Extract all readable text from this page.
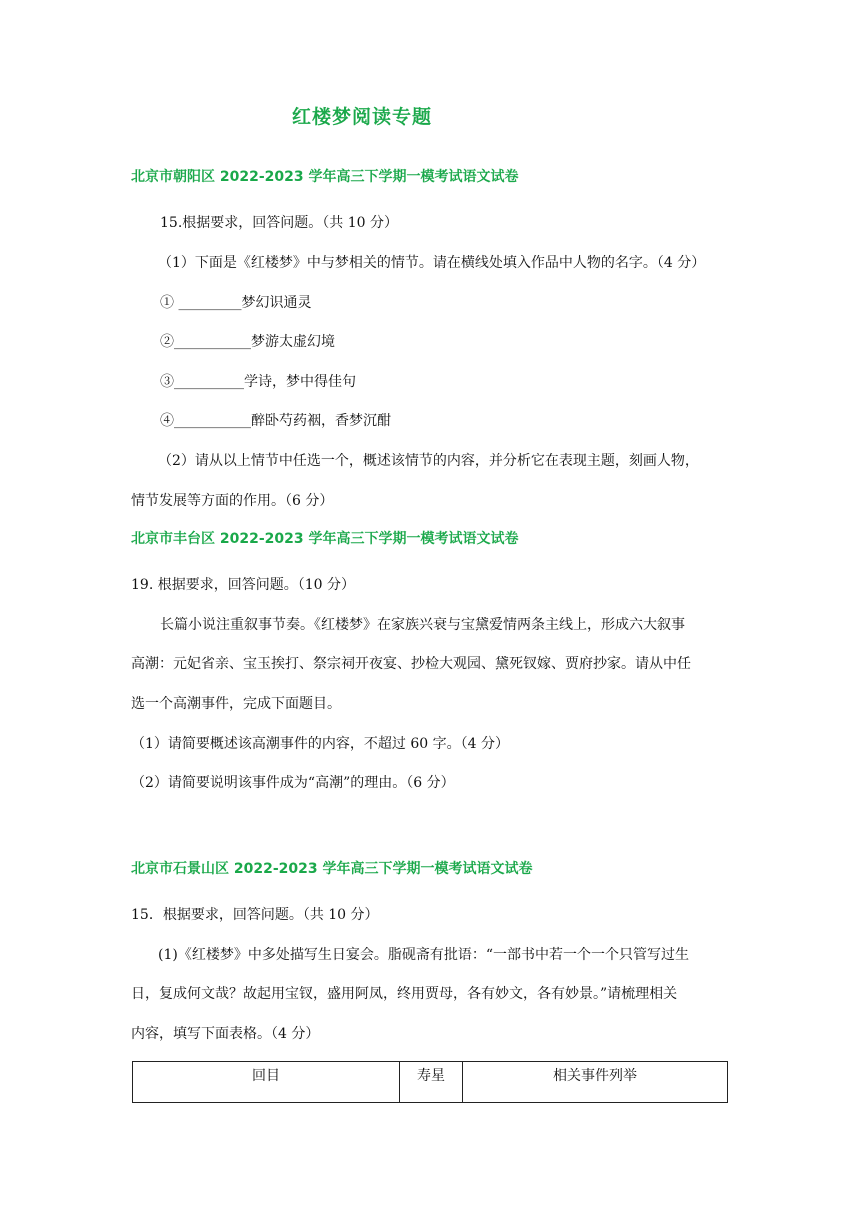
红楼梦阅读专题
北京市朝阳区 2022-2023 学年高三下学期一模考试语文试卷
15.根据要求，回答问题。（共 10 分）
（1）下面是《红楼梦》中与梦相关的情节。请在横线处填入作品中人物的名字。（4 分）
① _________梦幻识通灵
②___________梦游太虚幻境
③__________学诗，梦中得佳句
④___________醉卧芍药裀，香梦沉酣
（2）请从以上情节中任选一个，概述该情节的内容，并分析它在表现主题，刻画人物，
情节发展等方面的作用。（6 分）
北京市丰台区 2022-2023 学年高三下学期一模考试语文试卷
19. 根据要求，回答问题。（10 分）
长篇小说注重叙事节奏。《红楼梦》在家族兴衰与宝黛爱情两条主线上，形成六大叙事
高潮：元妃省亲、宝玉挨打、祭宗祠开夜宴、抄检大观园、黛死钗嫁、贾府抄家。请从中任
选一个高潮事件，完成下面题目。
（1）请简要概述该高潮事件的内容，不超过 60 字。（4 分）
（2）请简要说明该事件成为“高潮”的理由。（6 分）
北京市石景山区 2022-2023 学年高三下学期一模考试语文试卷
15．根据要求，回答问题。（共 10 分）
(1)《红楼梦》中多处描写生日宴会。脂砚斋有批语：“一部书中若一个一个只管写过生
日，复成何文哉？故起用宝钗，盛用阿凤，终用贾母，各有妙文，各有妙景。”请梳理相关
内容，填写下面表格。（4 分）
回目	寿星	相关事件列举
